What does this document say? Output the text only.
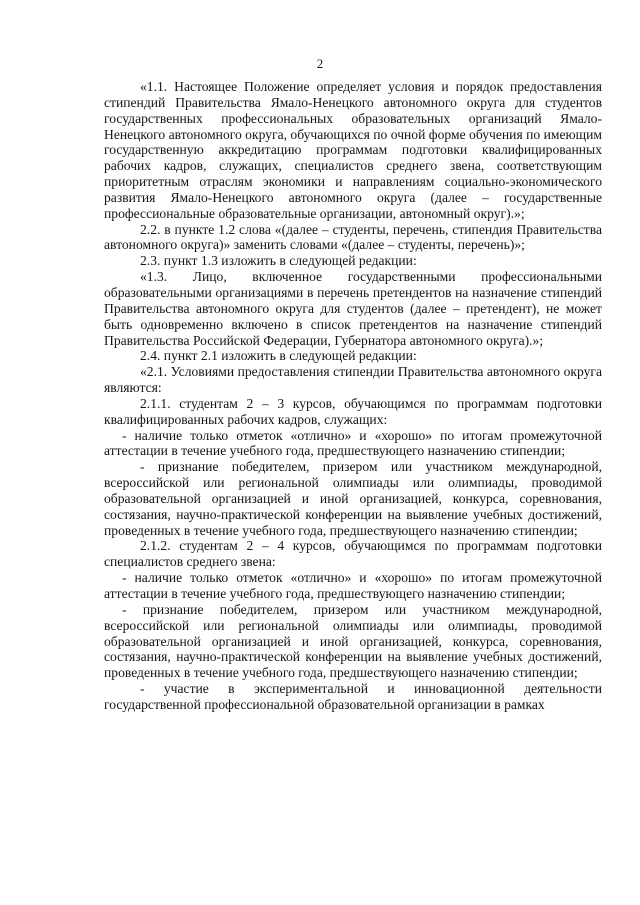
2

«1.1. Настоящее Положение определяет условия и порядок предоставления стипендий Правительства Ямало-Ненецкого автономного округа для студентов государственных профессиональных образовательных организаций Ямало-Ненецкого автономного округа, обучающихся по очной форме обучения по имеющим государственную аккредитацию программам подготовки квалифицированных рабочих кадров, служащих, специалистов среднего звена, соответствующим приоритетным отраслям экономики и направлениям социально-экономического развития Ямало-Ненецкого автономного округа (далее – государственные профессиональные образовательные организации, автономный округ).»;

2.2. в пункте 1.2 слова «(далее – студенты, перечень, стипендия Правительства автономного округа)» заменить словами «(далее – студенты, перечень)»;

2.3. пункт 1.3 изложить в следующей редакции:

«1.3. Лицо, включенное государственными профессиональными образовательными организациями в перечень претендентов на назначение стипендий Правительства автономного округа для студентов (далее – претендент), не может быть одновременно включено в список претендентов на назначение стипендий Правительства Российской Федерации, Губернатора автономного округа).»;

2.4. пункт 2.1 изложить в следующей редакции:

«2.1. Условиями предоставления стипендии Правительства автономного округа являются:

2.1.1. студентам 2 – 3 курсов, обучающимся по программам подготовки квалифицированных рабочих кадров, служащих:

- наличие только отметок «отлично» и «хорошо» по итогам промежуточной аттестации в течение учебного года, предшествующего назначению стипендии;

- признание победителем, призером или участником международной, всероссийской или региональной олимпиады или олимпиады, проводимой образовательной организацией и иной организацией, конкурса, соревнования, состязания, научно-практической конференции на выявление учебных достижений, проведенных в течение учебного года, предшествующего назначению стипендии;

2.1.2. студентам 2 – 4 курсов, обучающимся по программам подготовки специалистов среднего звена:

- наличие только отметок «отлично» и «хорошо» по итогам промежуточной аттестации в течение учебного года, предшествующего назначению стипендии;

- признание победителем, призером или участником международной, всероссийской или региональной олимпиады или олимпиады, проводимой образовательной организацией и иной организацией, конкурса, соревнования, состязания, научно-практической конференции на выявление учебных достижений, проведенных в течение учебного года, предшествующего назначению стипендии;

- участие в экспериментальной и инновационной деятельности государственной профессиональной образовательной организации в рамках
